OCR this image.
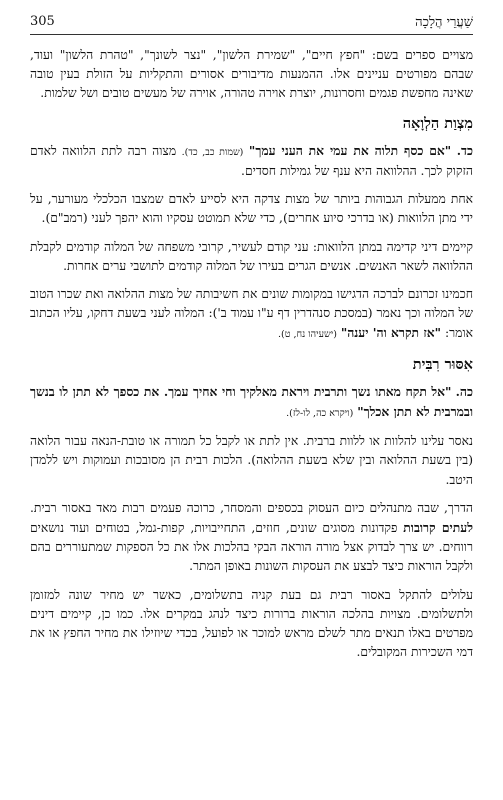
305	שַׁעֲרֵי הֲלָכָה

מצויים ספרים בשם: "חפץ חיים", "שמירת הלשון", "נצר לשונך", "טהרת הלשון" ועוד, שבהם מפורטים עניינים אלו. ההמנעות מדיבורים אסורים והתקליות על הזולת בעין טובה שאינה מחפשת פגמים וחסרונות, יוצרת אוירה טהורה, אוירה של מעשים טובים ושל שלמות.

מִצְוַת הַלְוָאָה

כד. "אם כסף תלוה את עמי את העני עמך" (שמות כב, כד). מצוה רבה לתת הלוואה לאדם הזקוק לכך. ההלוואה היא ענף של גמילות חסדים.

אחת ממעלות הגבוהות ביותר של מצות צדקה היא לסייע לאדם שמצבו הכלכלי מעורער, על ידי מתן הלוואות (או בדרכי סיוע אחרים), כדי שלא תמוטט עסקיו והוא יהפך לעני (רמב"ם).

קיימים דיני קדימה במתן הלוואות: עני קודם לעשיר, קרובי משפחה של המלוה קודמים לקבלת ההלוואה לשאר האנשים. אנשים הגרים בעירו של המלוה קודמים לתושבי ערים אחרות.

חכמינו זכרונם לברכה הדגישו במקומות שונים את חשיבותה של מצות ההלואה ואת שכרו הטוב של המלוה וכך נאמר (במסכת סנהדרין דף ע"ו עמוד ב'): המלוה לעני בשעת דחקו, עליו הכתוב אומר: "אז תקרא וה' יענה" (ישעיהו נח, ט).

אִסּוּר רִבִּית

כה. "אל תקח מאתו נשך ותרבית ויראת מאלקיך וחי אחיך עמך. את כספך לא תתן לו בנשך ובמרבית לא תתן אכלך" (ויקרא כה, לו-לז).

נאסר עלינו להלוות או ללוות ברבית. אין לתת או לקבל כל תמורה או טובת-הנאה עבור הלואה (בין בשעת ההלואה ובין שלא בשעת ההלואה). הלכות רבית הן מסובכות ועמוקות ויש ללמדן היטב.

הדרך, שבה מתנהלים כיום העסוק בכספים והמסחר, כרוכה פעמים רבות מאד באסור רבית. לעתים קרובות פקדונות מסוגים שונים, חוזים, התחייבויות, קפות-גמל, בטוחים ועוד נושאים רווחים. יש צרך לבדוק אצל מורה הוראה הבקי בהלכות אלו את כל הספקות שמתעוררים בהם ולקבל הוראות כיצד לבצע את העסקות השונות באופן המתר.

עלולים להתקל באסור רבית גם בעת קניה בתשלומים, כאשר יש מחיר שונה למזומן ולתשלומים. מצויות בהלכה הוראות ברורות כיצד לנהג במקרים אלו. כמו כן, קיימים דינים מפרטים באלו תנאים מתר לשלם מראש למוכר או לפועל, בכדי שיוזילו את מחיר החפץ או את דמי השכירות המקובלים.
